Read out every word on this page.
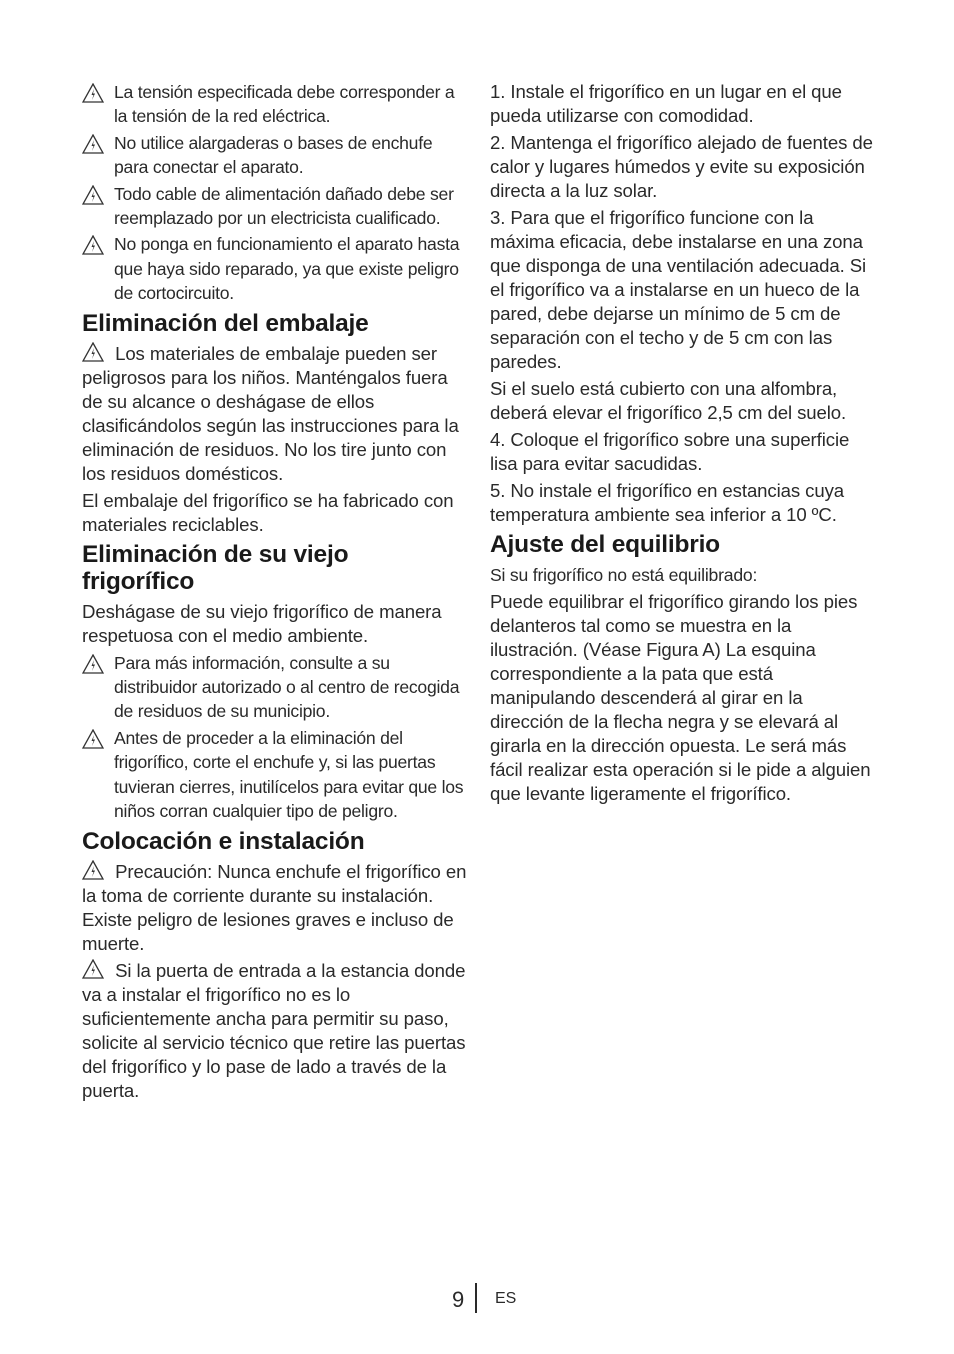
La tensión especificada debe corresponder a la tensión de la red eléctrica.
No utilice alargaderas o bases de enchufe para conectar el aparato.
Todo cable de alimentación dañado debe ser reemplazado por un electricista cualificado.
No ponga en funcionamiento el aparato hasta que haya sido reparado, ya que existe peligro de cortocircuito.
Eliminación del embalaje

Los materiales de embalaje pueden ser peligrosos para los niños. Manténgalos fuera de su alcance o deshágase de ellos clasificándolos según las instrucciones para la eliminación de residuos. No los tire junto con los residuos domésticos.

El embalaje del frigorífico se ha fabricado con materiales reciclables.

Eliminación de su viejo frigorífico

Deshágase de su viejo frigorífico de manera respetuosa con el medio ambiente.

Para más información, consulte a su distribuidor autorizado o al centro de recogida de residuos de su municipio.
Antes de proceder a la eliminación del frigorífico, corte el enchufe y, si las puertas tuvieran cierres, inutilícelos para evitar que los niños corran cualquier tipo de peligro.
Colocación e instalación

Precaución: Nunca enchufe el frigorífico en la toma de corriente durante su instalación. Existe peligro de lesiones graves e incluso de muerte.

Si la puerta de entrada a la estancia donde va a instalar el frigorífico no es lo suficientemente ancha para permitir su paso, solicite al servicio técnico que retire las puertas del frigorífico y lo pase de lado a través de la puerta.

1. Instale el frigorífico en un lugar en el que pueda utilizarse con comodidad.

2. Mantenga el frigorífico alejado de fuentes de calor y lugares húmedos y evite su exposición directa a la luz solar.

3. Para que el frigorífico funcione con la máxima eficacia, debe instalarse en una zona que disponga de una ventilación adecuada. Si el frigorífico va a instalarse en un hueco de la pared, debe dejarse un mínimo de 5 cm de separación con el techo y de 5 cm con las paredes.

Si el suelo está cubierto con una alfombra, deberá elevar el frigorífico 2,5 cm del suelo.

4. Coloque el frigorífico sobre una superficie lisa para evitar sacudidas.

5. No instale el frigorífico en estancias cuya temperatura ambiente sea inferior a 10 ºC.

Ajuste del equilibrio

Si su frigorífico no está equilibrado:

Puede equilibrar el frigorífico girando los pies delanteros tal como se muestra en la ilustración. (Véase Figura A) La esquina correspondiente a la pata que está manipulando descenderá al girar en la dirección de la flecha negra y se elevará al girarla en la dirección opuesta. Le será más fácil realizar esta operación si le pide a alguien que levante ligeramente el frigorífico.

9 ES
